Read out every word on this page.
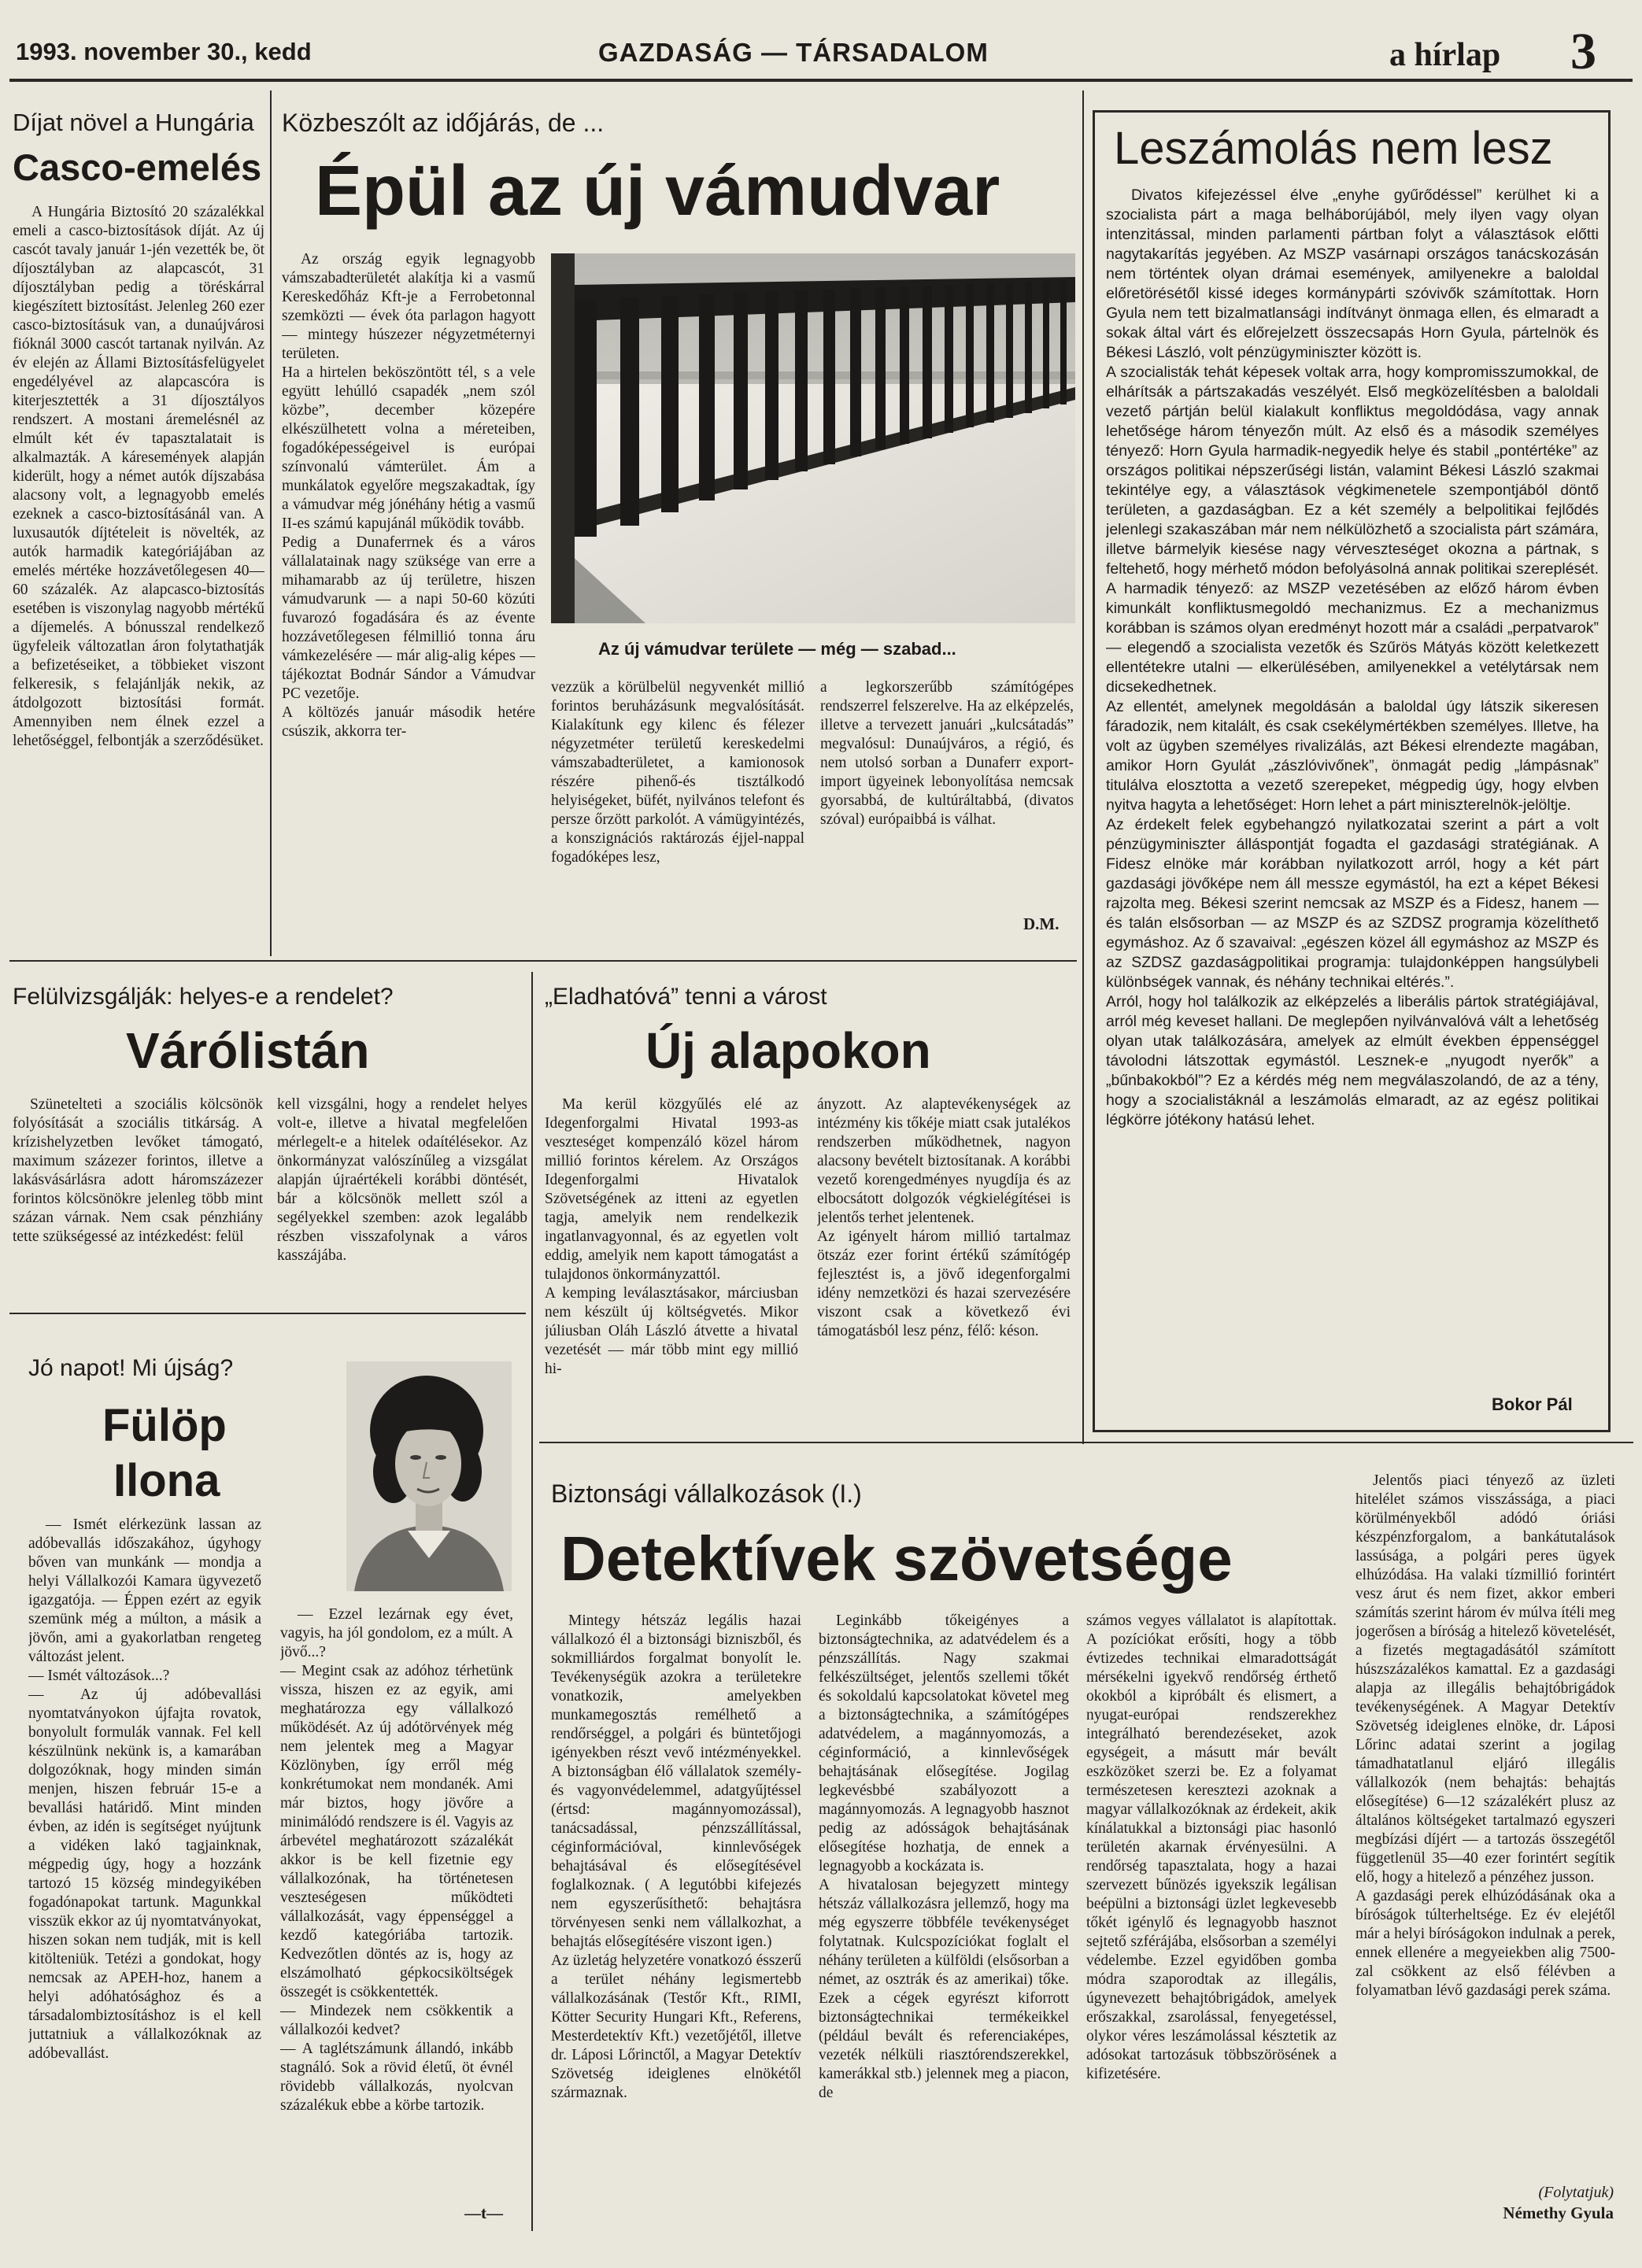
1993. november 30., kedd	GAZDASÁG — TÁRSADALOM	a hírlap	3
Díjat növel a Hungária
Casco-emelés
A Hungária Biztosító 20 százalékkal emeli a casco-biztosítások díját. Az új cascót tavaly január 1-jén vezették be, öt díjosztályban az alapcascót, 31 díjosztályban pedig a töréskárral kiegészített biztosítást. Jelenleg 260 ezer casco-biztosításuk van, a dunaújvárosi fióknál 3000 cascót tartanak nyilván. Az év elején az Állami Biztosításfelügyelet engedélyével az alapcascóra is kiterjesztették a 31 díjosztályos rendszert. A mostani áremelésnél az elmúlt két év tapasztalatait is alkalmazták. A káresemények alapján kiderült, hogy a német autók díjszabása alacsony volt, a legnagyobb emelés ezeknek a casco-biztosításánál van. A luxusautók díjtételeit is növelték, az autók harmadik kategóriájában az emelés mértéke hozzávetőlegesen 40—60 százalék. Az alapcasco-biztosítás esetében is viszonylag nagyobb mértékű a díjemelés. A bónusszal rendelkező ügyfeleik változatlan áron folytathatják a befizetéseiket, a többieket viszont felkeresik, s felajánlják nekik, az átdolgozott biztosítási formát. Amennyiben nem élnek ezzel a lehetőséggel, felbontják a szerződésüket.
Közbeszólt az időjárás, de ...
Épül az új vámudvar
Az ország egyik legnagyobb vámszabadterületét alakítja ki a vasmű Kereskedőház Kft-je a Ferrobetonnal szemközti — évek óta parlagon hagyott — mintegy húszezer négyzetméternyi területen.
Ha a hirtelen beköszöntött tél, s a vele együtt lehúlló csapadék „nem szól közbe”, december közepére elkészülhetett volna a méreteiben, fogadóképességeivel is európai színvonalú vámterület. Ám a munkálatok egyelőre megszakadtak, így a vámudvar még jónéhány hétig a vasmű II-es számú kapujánál működik tovább.
Pedig a Dunaferrnek és a város vállalatainak nagy szüksége van erre a mihamarabb az új területre, hiszen vámudvarunk — a napi 50-60 közúti fuvarozó fogadására és az évente hozzávetőlegesen félmillió tonna áru vámkezelésére — már alig-alig képes — tájékoztat Bodnár Sándor a Vámudvar PC vezetője.
A költözés január második hetére csúszik, akkorra ter-
Az új vámudvar területe — még — szabad...
vezzük a körülbelül negyvenkét millió forintos beruházásunk megvalósítását. Kialakítunk egy kilenc és félezer négyzetméter területű kereskedelmi vámszabadterületet, a kamionosok részére pihenő-és tisztálkodó helyiségeket, büfét, nyilvános telefont és persze őrzött parkolót. A vámügyintézés, a konszignációs raktározás éjjel-nappal fogadóképes lesz,
a legkorszerűbb számítógépes rendszerrel felszerelve. Ha az elképzelés, illetve a tervezett januári „kulcsátadás” megvalósul: Dunaújváros, a régió, és nem utolsó sorban a Dunaferr export-import ügyeinek lebonyolítása nemcsak gyorsabbá, de kultúráltabbá, (divatos szóval) európaibbá is válhat.
D.M.
Leszámolás nem lesz
Divatos kifejezéssel élve „enyhe gyűrődéssel” kerülhet ki a szocialista párt a maga belháborújából, mely ilyen vagy olyan intenzitással, minden parlamenti pártban folyt a választások előtti nagytakarítás jegyében. Az MSZP vasárnapi országos tanácskozásán nem történtek olyan drámai események, amilyenekre a baloldal előretörésétől kissé ideges kormánypárti szóvivők számítottak. Horn Gyula nem tett bizalmatlansági indítványt önmaga ellen, és elmaradt a sokak által várt és előrejelzett összecsapás Horn Gyula, pártelnök és Békesi László, volt pénzügyminiszter között is.
A szocialisták tehát képesek voltak arra, hogy kompromisszumokkal, de elhárítsák a pártszakadás veszélyét. Első megközelítésben a baloldali vezető pártján belül kialakult konfliktus megoldódása, vagy annak lehetősége három tényezőn múlt. Az első és a második személyes tényező: Horn Gyula harmadik-negyedik helye és stabil „pontértéke” az országos politikai népszerűségi listán, valamint Békesi László szakmai tekintélye egy, a választások végkimenetele szempontjából döntő területen, a gazdaságban. Ez a két személy a belpolitikai fejlődés jelenlegi szakaszában már nem nélkülözhető a szocialista párt számára, illetve bármelyik kiesése nagy vérveszteséget okozna a pártnak, s feltehető, hogy mérhető módon befolyásolná annak politikai szereplését. A harmadik tényező: az MSZP vezetésében az előző három évben kimunkált konfliktusmegoldó mechanizmus. Ez a mechanizmus korábban is számos olyan eredményt hozott már a családi „perpatvarok” — elegendő a szocialista vezetők és Szűrös Mátyás között keletkezett ellentétekre utalni — elkerülésében, amilyenekkel a vetélytársak nem dicsekedhetnek.
Az ellentét, amelynek megoldásán a baloldal úgy látszik sikeresen fáradozik, nem kitalált, és csak csekélymértékben személyes. Illetve, ha volt az ügyben személyes rivalizálás, azt Békesi elrendezte magában, amikor Horn Gyulát „zászlóvivőnek”, önmagát pedig „lámpásnak” titulálva elosztotta a vezető szerepeket, mégpedig úgy, hogy elvben nyitva hagyta a lehetőséget: Horn lehet a párt miniszterelnök-jelöltje.
Az érdekelt felek egybehangzó nyilatkozatai szerint a párt a volt pénzügyminiszter álláspontját fogadta el gazdasági stratégiának. A Fidesz elnöke már korábban nyilatkozott arról, hogy a két párt gazdasági jövőképe nem áll messze egymástól, ha ezt a képet Békesi rajzolta meg. Békesi szerint nemcsak az MSZP és a Fidesz, hanem — és talán elsősorban — az MSZP és az SZDSZ programja közelíthető egymáshoz. Az ő szavaival: „egészen közel áll egymáshoz az MSZP és az SZDSZ gazdaságpolitikai programja: tulajdonképpen hangsúlybeli különbségek vannak, és néhány technikai eltérés.”.
Arról, hogy hol találkozik az elképzelés a liberális pártok stratégiájával, arról még keveset hallani. De meglepően nyilvánvalóvá vált a lehetőség olyan utak találkozására, amelyek az elmúlt években éppenséggel távolodni látszottak egymástól. Lesznek-e „nyugodt nyerők” a „bűnbakokból”? Ez a kérdés még nem megválaszolandó, de az a tény, hogy a szocialistáknál a leszámolás elmaradt, az az egész politikai légkörre jótékony hatású lehet.
Bokor Pál
Felülvizsgálják: helyes-e a rendelet?
Várólistán
Szünetelteti a szociális kölcsönök folyósítását a szociális titkárság. A krízishelyzetben levőket támogató, maximum százezer forintos, illetve a lakásvásárlásra adott háromszázezer forintos kölcsönökre jelenleg több mint százan várnak. Nem csak pénzhiány tette szükségessé az intézkedést: felül
kell vizsgálni, hogy a rendelet helyes volt-e, illetve a hivatal megfelelően mérlegelt-e a hitelek odaítélésekor. Az önkormányzat valószínűleg a vizsgálat alapján újraértékeli korábbi döntését, bár a kölcsönök mellett szól a segélyekkel szemben: azok legalább részben visszafolynak a város kasszájába.
„Eladhatóvá” tenni a várost
Új alapokon
Ma kerül közgyűlés elé az Idegenforgalmi Hivatal 1993-as veszteséget kompenzáló közel három millió forintos kérelem. Az Országos Idegenforgalmi Hivatalok Szövetségének az itteni az egyetlen tagja, amelyik nem rendelkezik ingatlanvagyonnal, és az egyetlen volt eddig, amelyik nem kapott támogatást a tulajdonos önkormányzattól.
A kemping leválasztásakor, márciusban nem készült új költségvetés. Mikor júliusban Oláh László átvette a hivatal vezetését — már több mint egy millió hi-
ányzott. Az alaptevékenységek az intézmény kis tőkéje miatt csak jutalékos rendszerben működhetnek, nagyon alacsony bevételt biztosítanak. A korábbi vezető korengedményes nyugdíja és az elbocsátott dolgozók végkielégítései is jelentős terhet jelentenek.
Az igényelt három millió tartalmaz ötszáz ezer forint értékű számítógép fejlesztést is, a jövő idegenforgalmi idény nemzetközi és hazai szervezésére viszont csak a következő évi támogatásból lesz pénz, félő: késon.
Jó napot! Mi újság?
Fülöp
Ilona
— Ismét elérkezünk lassan az adóbevallás időszakához, úgyhogy bőven van munkánk — mondja a helyi Vállalkozói Kamara ügyvezető igazgatója. — Éppen ezért az egyik szemünk még a múlton, a másik a jövőn, ami a gyakorlatban rengeteg változást jelent.
— Ismét változások...?
— Az új adóbevallási nyomtatványokon újfajta rovatok, bonyolult formulák vannak. Fel kell készülnünk nekünk is, a kamarában dolgozóknak, hogy minden simán menjen, hiszen február 15-e a bevallási határidő. Mint minden évben, az idén is segítséget nyújtunk a vidéken lakó tagjainknak, mégpedig úgy, hogy a hozzánk tartozó 15 község mindegyikében fogadónapokat tartunk. Magunkkal visszük ekkor az új nyomtatványokat, hiszen sokan nem tudják, mit is kell kitölteniük. Tetézi a gondokat, hogy nemcsak az APEH-hoz, hanem a helyi adóhatósághoz és a társadalombiztosításhoz is el kell juttatniuk a vállalkozóknak az adóbevallást.
— Ezzel lezárnak egy évet, vagyis, ha jól gondolom, ez a múlt. A jövő...?
— Megint csak az adóhoz térhetünk vissza, hiszen ez az egyik, ami meghatározza egy vállalkozó működését. Az új adótörvények még nem jelentek meg a Magyar Közlönyben, így erről még konkrétumokat nem mondanék. Ami már biztos, hogy jövőre a minimálódó rendszere is él. Vagyis az árbevétel meghatározott százalékát akkor is be kell fizetnie egy vállalkozónak, ha történetesen veszteségesen működteti vállalkozását, vagy éppenséggel a kezdő kategóriába tartozik. Kedvezőtlen döntés az is, hogy az elszámolható gépkocsiköltségek összegét is csökkentették.
— Mindezek nem csökkentik a vállalkozói kedvet?
— A taglétszámunk állandó, inkább stagnáló. Sok a rövid életű, öt évnél rövidebb vállalkozás, nyolcvan százalékuk ebbe a körbe tartozik.
—t—
Biztonsági vállalkozások (I.)
Detektívek szövetsége
Mintegy hétszáz legális hazai vállalkozó él a biztonsági bizniszből, és sokmilliárdos forgalmat bonyolít le. Tevékenységük azokra a területekre vonatkozik, amelyekben munkamegosztás remélhető a rendőrséggel, a polgári és büntetőjogi igényekben részt vevő intézményekkel. A biztonságban élő vállalatok személy- és vagyonvédelemmel, adatgyűjtéssel (értsd: magánnyomozással), tanácsadással, pénzszállítással, céginformációval, kinnlevőségek behajtásával és elősegítésével foglalkoznak. ( A legutóbbi kifejezés nem egyszerűsíthető: behajtásra törvényesen senki nem vállalkozhat, a behajtás elősegítésére viszont igen.)
Az üzletág helyzetére vonatkozó ésszerű a terület néhány legismertebb vállalkozásának (Testőr Kft., RIMI, Kötter Security Hungari Kft., Referens, Mesterdetektív Kft.) vezetőjétől, illetve dr. Láposi Lőrinctől, a Magyar Detektív Szövetség ideiglenes elnökétől származnak.
Leginkább tőkeigényes a biztonságtechnika, az adatvédelem és a pénzszállítás. Nagy szakmai felkészültséget, jelentős szellemi tőkét és sokoldalú kapcsolatokat követel meg a biztonságtechnika, a számítógépes adatvédelem, a magánnyomozás, a céginformáció, a kinnlevőségek behajtásának elősegítése. Jogilag legkevésbbé szabályozott a magánnyomozás. A legnagyobb hasznot pedig az adósságok behajtásának elősegítése hozhatja, de ennek a legnagyobb a kockázata is.
A hivatalosan bejegyzett mintegy hétszáz vállalkozásra jellemző, hogy ma még egyszerre többféle tevékenységet folytatnak. Kulcspozíciókat foglalt el néhány területen a külföldi (elsősorban a német, az osztrák és az amerikai) tőke. Ezek a cégek egyrészt kiforrott biztonságtechnikai termékeikkel (például bevált és referenciaképes, vezeték nélküli riasztórendszerekkel, kamerákkal stb.) jelennek meg a piacon, de
számos vegyes vállalatot is alapítottak. A pozíciókat erősíti, hogy a több évtizedes technikai elmaradottságát mérsékelni igyekvő rendőrség érthető okokból a kipróbált és elismert, a nyugat-európai rendszerekhez integrálható berendezéseket, azok egységeit, a másutt már bevált eszközöket szerzi be. Ez a folyamat természetesen keresztezi azoknak a magyar vállalkozóknak az érdekeit, akik kínálatukkal a biztonsági piac hasonló területén akarnak érvényesülni. A rendőrség tapasztalata, hogy a hazai szervezett bűnözés igyekszik legálisan beépülni a biztonsági üzlet legkevesebb tőkét igénylő és legnagyobb hasznot sejtető szférájába, elsősorban a személyi védelembe. Ezzel egyidőben gomba módra szaporodtak az illegális, úgynevezett behajtóbrigádok, amelyek erőszakkal, zsarolással, fenyegetéssel, olykor véres leszámolással késztetik az adósokat tartozásuk többszörösének a kifizetésére.
Jelentős piaci tényező az üzleti hitelélet számos visszássága, a piaci körülményekből adódó óriási készpénzforgalom, a bankátutalások lassúsága, a polgári peres ügyek elhúzódása. Ha valaki tízmillió forintért vesz árut és nem fizet, akkor emberi számítás szerint három év múlva ítéli meg jogerősen a bíróság a hitelező követelését, a fizetés megtagadásától számított húszszázalékos kamattal. Ez a gazdasági alapja az illegális behajtóbrigádok tevékenységének. A Magyar Detektív Szövetség ideiglenes elnöke, dr. Láposi Lőrinc adatai szerint a jogilag támadhatatlanul eljáró illegális vállalkozók (nem behajtás: behajtás elősegítése) 6—12 százalékért plusz az általános költségeket tartalmazó egyszeri megbízási díjért — a tartozás összegétől függetlenül 35—40 ezer forintért segítik elő, hogy a hitelező a pénzéhez jusson.
A gazdasági perek elhúzódásának oka a bíróságok túlterheltsége. Ez év elejétől már a helyi bíróságokon indulnak a perek, ennek ellenére a megyeiekben alig 7500-zal csökkent az első félévben a folyamatban lévő gazdasági perek száma.
(Folytatjuk)
Némethy Gyula
